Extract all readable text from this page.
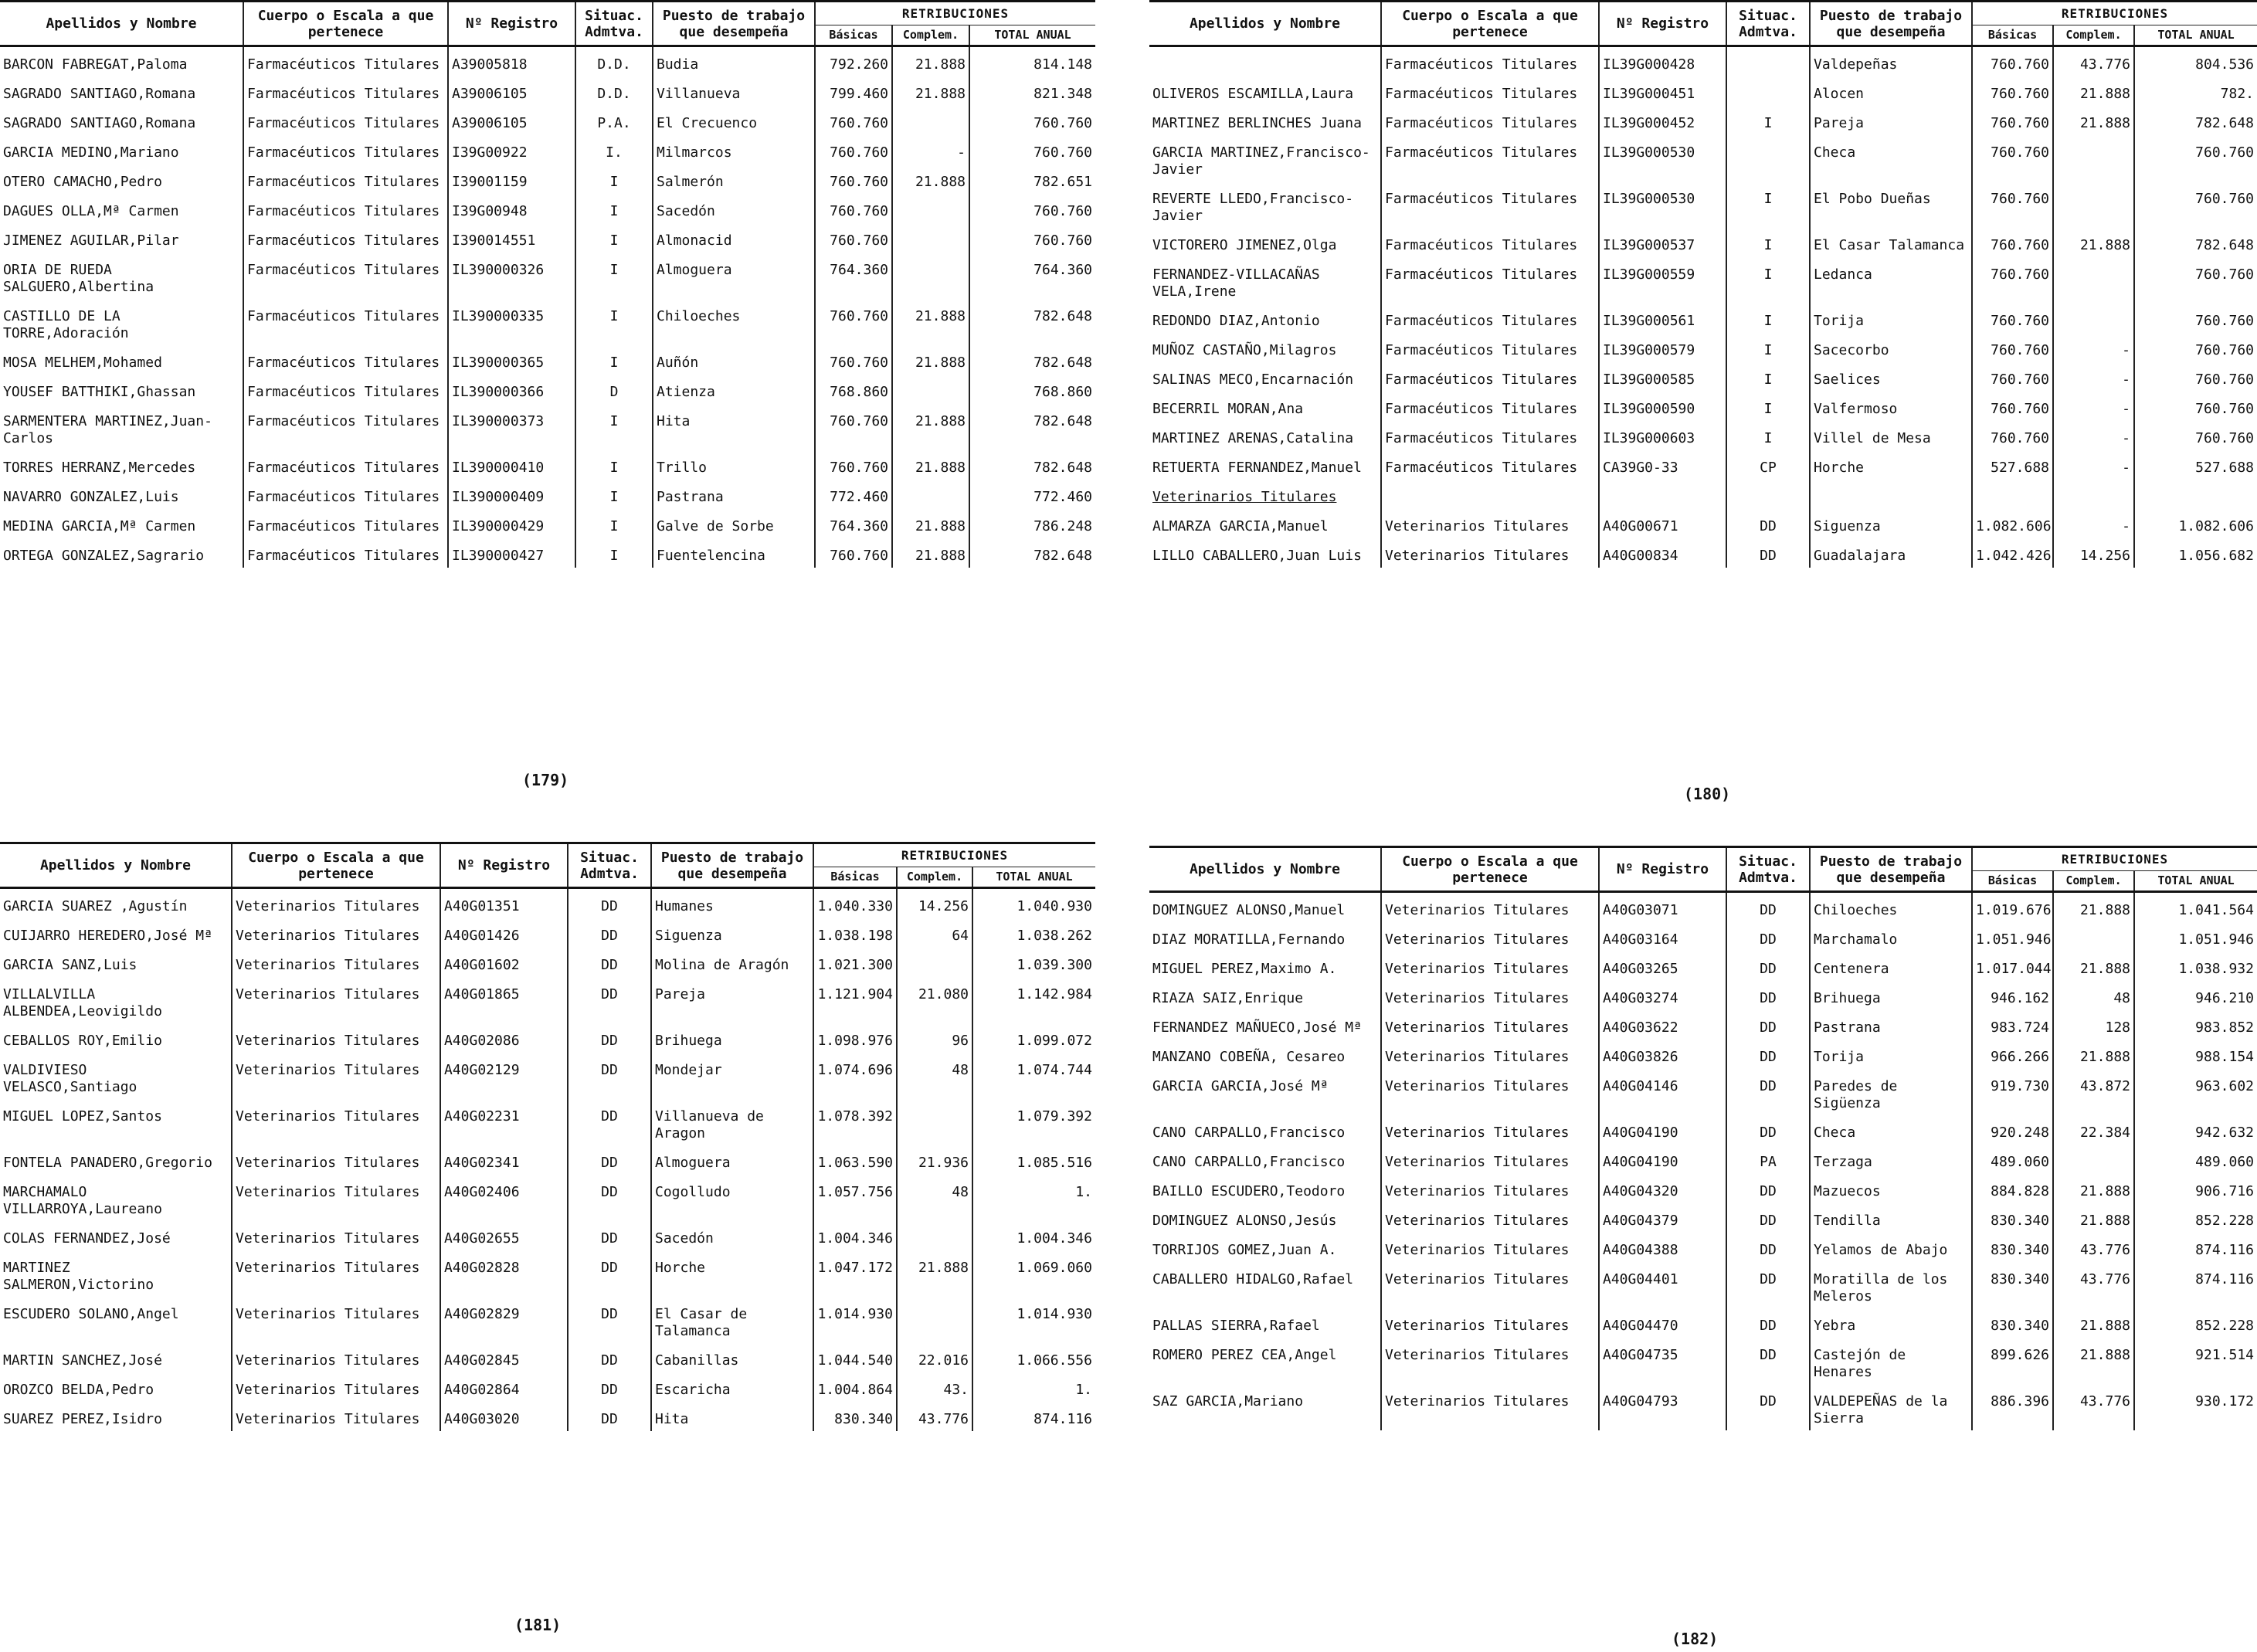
Apellidos y Nombre	Cuerpo o Escala a que pertenece	Nº Registro	Situac. Admtva.	Puesto de trabajo que desempeña	RETRIBUCIONES		
					Básicas	Complem.	TOTAL ANUAL
BARCON FABREGAT,Paloma	Farmacéuticos Titulares	A39005818	D.D.	Budia	792.260	21.888	814.148
SAGRADO SANTIAGO,Romana	Farmacéuticos Titulares	A39006105	D.D.	Villanueva	799.460	21.888	821.348
SAGRADO SANTIAGO,Romana	Farmacéuticos Titulares	A39006105	P.A.	El Crecuenco	760.760		760.760
GARCIA MEDINO,Mariano	Farmacéuticos Titulares	I39G00922	I.	Milmarcos	760.760	-	760.760
OTERO CAMACHO,Pedro	Farmacéuticos Titulares	I39001159	I	Salmerón	760.760	21.888	782.651
DAGUES OLLA,Mª Carmen	Farmacéuticos Titulares	I39G00948	I	Sacedón	760.760		760.760
JIMENEZ AGUILAR,Pilar	Farmacéuticos Titulares	I390014551	I	Almonacid	760.760		760.760
ORIA DE RUEDA SALGUERO,Albertina	Farmacéuticos Titulares	IL390000326	I	Almoguera	764.360		764.360
CASTILLO DE LA TORRE,Adoración	Farmacéuticos Titulares	IL390000335	I	Chiloeches	760.760	21.888	782.648
MOSA MELHEM,Mohamed	Farmacéuticos Titulares	IL390000365	I	Auñón	760.760	21.888	782.648
YOUSEF BATTHIKI,Ghassan	Farmacéuticos Titulares	IL390000366	D	Atienza	768.860		768.860
SARMENTERA MARTINEZ,Juan-Carlos	Farmacéuticos Titulares	IL390000373	I	Hita	760.760	21.888	782.648
TORRES HERRANZ,Mercedes	Farmacéuticos Titulares	IL390000410	I	Trillo	760.760	21.888	782.648
NAVARRO GONZALEZ,Luis	Farmacéuticos Titulares	IL390000409	I	Pastrana	772.460		772.460
MEDINA GARCIA,Mª Carmen	Farmacéuticos Titulares	IL390000429	I	Galve de Sorbe	764.360	21.888	786.248
ORTEGA GONZALEZ,Sagrario	Farmacéuticos Titulares	IL390000427	I	Fuentelencina	760.760	21.888	782.648
Apellidos y Nombre	Cuerpo o Escala a que pertenece	Nº Registro	Situac. Admtva.	Puesto de trabajo que desempeña	RETRIBUCIONES		
					Básicas	Complem.	TOTAL ANUAL
	Farmacéuticos Titulares	IL39G000428		Valdepeñas	760.760	43.776	804.536
OLIVEROS ESCAMILLA,Laura	Farmacéuticos Titulares	IL39G000451		Alocen	760.760	21.888	782.
MARTINEZ BERLINCHES Juana	Farmacéuticos Titulares	IL39G000452	I	Pareja	760.760	21.888	782.648
GARCIA MARTINEZ,Francisco-Javier	Farmacéuticos Titulares	IL39G000530		Checa	760.760		760.760
REVERTE LLEDO,Francisco-Javier	Farmacéuticos Titulares	IL39G000530	I	El Pobo Dueñas	760.760		760.760
VICTORERO JIMENEZ,Olga	Farmacéuticos Titulares	IL39G000537	I	El Casar Talamanca	760.760	21.888	782.648
FERNANDEZ-VILLACAÑAS VELA,Irene	Farmacéuticos Titulares	IL39G000559	I	Ledanca	760.760		760.760
REDONDO DIAZ,Antonio	Farmacéuticos Titulares	IL39G000561	I	Torija	760.760		760.760
MUÑOZ CASTAÑO,Milagros	Farmacéuticos Titulares	IL39G000579	I	Sacecorbo	760.760	-	760.760
SALINAS MECO,Encarnación	Farmacéuticos Titulares	IL39G000585	I	Saelices	760.760	-	760.760
BECERRIL MORAN,Ana	Farmacéuticos Titulares	IL39G000590	I	Valfermoso	760.760	-	760.760
MARTINEZ ARENAS,Catalina	Farmacéuticos Titulares	IL39G000603	I	Villel de Mesa	760.760	-	760.760
RETUERTA FERNANDEZ,Manuel	Farmacéuticos Titulares	CA39G0-33	CP	Horche	527.688	-	527.688
Veterinarios Titulares							
ALMARZA GARCIA,Manuel	Veterinarios Titulares	A40G00671	DD	Siguenza	1.082.606	-	1.082.606
LILLO CABALLERO,Juan Luis	Veterinarios Titulares	A40G00834	DD	Guadalajara	1.042.426	14.256	1.056.682
Apellidos y Nombre	Cuerpo o Escala a que pertenece	Nº Registro	Situac. Admtva.	Puesto de trabajo que desempeña	RETRIBUCIONES		
					Básicas	Complem.	TOTAL ANUAL
GARCIA SUAREZ ,Agustín	Veterinarios Titulares	A40G01351	DD	Humanes	1.040.330	14.256	1.040.930
CUIJARRO HEREDERO,José Mª	Veterinarios Titulares	A40G01426	DD	Siguenza	1.038.198	64	1.038.262
GARCIA SANZ,Luis	Veterinarios Titulares	A40G01602	DD	Molina de Aragón	1.021.300		1.039.300
VILLALVILLA ALBENDEA,Leovigildo	Veterinarios Titulares	A40G01865	DD	Pareja	1.121.904	21.080	1.142.984
CEBALLOS ROY,Emilio	Veterinarios Titulares	A40G02086	DD	Brihuega	1.098.976	96	1.099.072
VALDIVIESO VELASCO,Santiago	Veterinarios Titulares	A40G02129	DD	Mondejar	1.074.696	48	1.074.744
MIGUEL LOPEZ,Santos	Veterinarios Titulares	A40G02231	DD	Villanueva de Aragon	1.078.392		1.079.392
FONTELA PANADERO,Gregorio	Veterinarios Titulares	A40G02341	DD	Almoguera	1.063.590	21.936	1.085.516
MARCHAMALO VILLARROYA,Laureano	Veterinarios Titulares	A40G02406	DD	Cogolludo	1.057.756	48	1.
COLAS FERNANDEZ,José	Veterinarios Titulares	A40G02655	DD	Sacedón	1.004.346		1.004.346
MARTINEZ SALMERON,Victorino	Veterinarios Titulares	A40G02828	DD	Horche	1.047.172	21.888	1.069.060
ESCUDERO SOLANO,Angel	Veterinarios Titulares	A40G02829	DD	El Casar de Talamanca	1.014.930		1.014.930
MARTIN SANCHEZ,José	Veterinarios Titulares	A40G02845	DD	Cabanillas	1.044.540	22.016	1.066.556
OROZCO BELDA,Pedro	Veterinarios Titulares	A40G02864	DD	Escaricha	1.004.864	43.	1.
SUAREZ PEREZ,Isidro	Veterinarios Titulares	A40G03020	DD	Hita	830.340	43.776	874.116
Apellidos y Nombre	Cuerpo o Escala a que pertenece	Nº Registro	Situac. Admtva.	Puesto de trabajo que desempeña	RETRIBUCIONES		
					Básicas	Complem.	TOTAL ANUAL
DOMINGUEZ ALONSO,Manuel	Veterinarios Titulares	A40G03071	DD	Chiloeches	1.019.676	21.888	1.041.564
DIAZ MORATILLA,Fernando	Veterinarios Titulares	A40G03164	DD	Marchamalo	1.051.946		1.051.946
MIGUEL PEREZ,Maximo A.	Veterinarios Titulares	A40G03265	DD	Centenera	1.017.044	21.888	1.038.932
RIAZA SAIZ,Enrique	Veterinarios Titulares	A40G03274	DD	Brihuega	946.162	48	946.210
FERNANDEZ MAÑUECO,José Mª	Veterinarios Titulares	A40G03622	DD	Pastrana	983.724	128	983.852
MANZANO COBEÑA, Cesareo	Veterinarios Titulares	A40G03826	DD	Torija	966.266	21.888	988.154
GARCIA GARCIA,José Mª	Veterinarios Titulares	A40G04146	DD	Paredes de Sigüenza	919.730	43.872	963.602
CANO CARPALLO,Francisco	Veterinarios Titulares	A40G04190	DD	Checa	920.248	22.384	942.632
CANO CARPALLO,Francisco	Veterinarios Titulares	A40G04190	PA	Terzaga	489.060		489.060
BAILLO ESCUDERO,Teodoro	Veterinarios Titulares	A40G04320	DD	Mazuecos	884.828	21.888	906.716
DOMINGUEZ ALONSO,Jesús	Veterinarios Titulares	A40G04379	DD	Tendilla	830.340	21.888	852.228
TORRIJOS GOMEZ,Juan A.	Veterinarios Titulares	A40G04388	DD	Yelamos de Abajo	830.340	43.776	874.116
CABALLERO HIDALGO,Rafael	Veterinarios Titulares	A40G04401	DD	Moratilla de los Meleros	830.340	43.776	874.116
PALLAS SIERRA,Rafael	Veterinarios Titulares	A40G04470	DD	Yebra	830.340	21.888	852.228
ROMERO PEREZ CEA,Angel	Veterinarios Titulares	A40G04735	DD	Castejón de Henares	899.626	21.888	921.514
SAZ GARCIA,Mariano	Veterinarios Titulares	A40G04793	DD	VALDEPEÑAS de la Sierra	886.396	43.776	930.172
(179)
(180)
(181)
(182)
